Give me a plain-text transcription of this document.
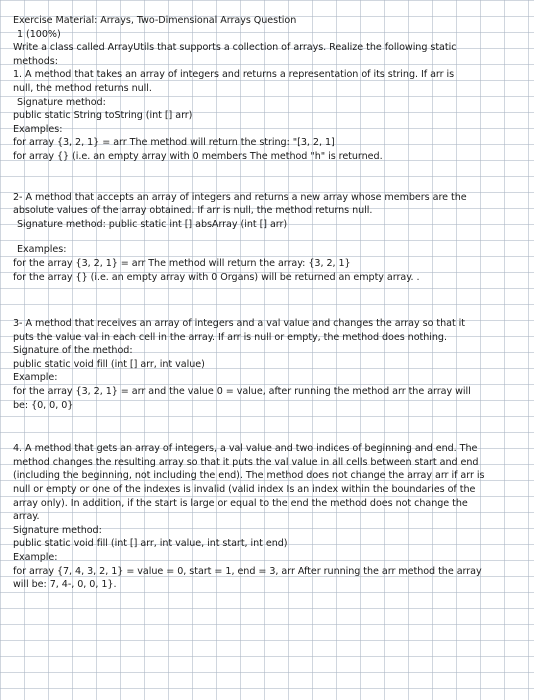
Exercise Material: Arrays, Two-Dimensional Arrays Question
1 (100%)
Write a class called ArrayUtils that supports a collection of arrays. Realize the following static
methods:
1. A method that takes an array of integers and returns a representation of its string. If arr is
null, the method returns null.
Signature method:
public static String toString (int [] arr)
Examples:
for array {3, 2, 1} = arr The method will return the string: "[3, 2, 1]
for array {} (i.e. an empty array with 0 members The method "h" is returned.
2- A method that accepts an array of integers and returns a new array whose members are the
absolute values of the array obtained. If arr is null, the method returns null.
Signature method: public static int [] absArray (int [] arr)
Examples:
for the array {3, 2, 1} = arr The method will return the array: {3, 2, 1}
for the array {} (i.e. an empty array with 0 Organs) will be returned an empty array. .
3- A method that receives an array of integers and a val value and changes the array so that it
puts the value val in each cell in the array. If arr is null or empty, the method does nothing.
Signature of the method:
public static void fill (int [] arr, int value)
Example:
for the array {3, 2, 1} = arr and the value 0 = value, after running the method arr the array will
be: {0, 0, 0}
4. A method that gets an array of integers, a val value and two indices of beginning and end. The
method changes the resulting array so that it puts the val value in all cells between start and end
(including the beginning, not including the end). The method does not change the array arr if arr is
null or empty or one of the indexes is invalid (valid index Is an index within the boundaries of the
array only). In addition, if the start is large or equal to the end the method does not change the
array.
Signature method:
public static void fill (int [] arr, int value, int start, int end)
Example:
for array {7, 4, 3, 2, 1} = value = 0, start = 1, end = 3, arr After running the arr method the array
will be: 7, 4-, 0, 0, 1}.
